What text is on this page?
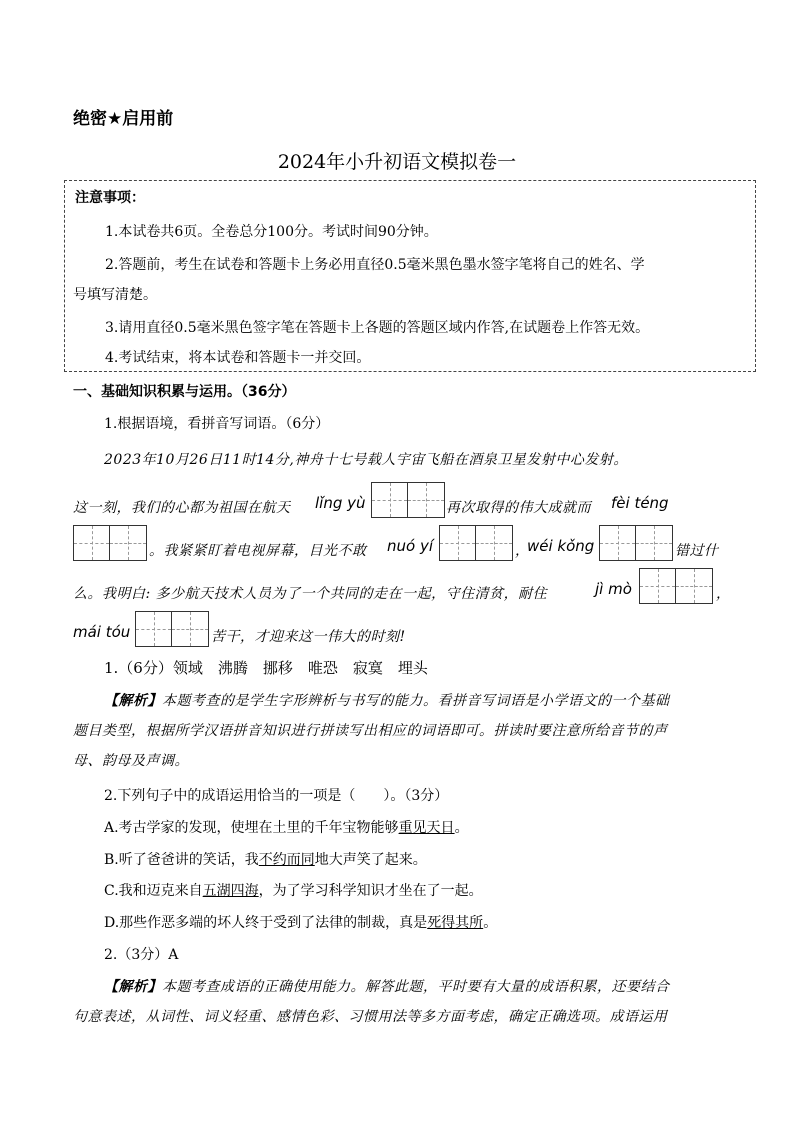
绝密★启用前
2024年小升初语文模拟卷一
注意事项：
1.本试卷共6页。全卷总分100分。考试时间90分钟。
2.答题前，考生在试卷和答题卡上务必用直径0.5毫米黑色墨水签字笔将自己的姓名、学
号填写清楚。
3.请用直径0.5毫米黑色签字笔在答题卡上各题的答题区域内作答,在试题卷上作答无效。
4.考试结束，将本试卷和答题卡一并交回。
一、基础知识积累与运用。（36分）
1.根据语境，看拼音写词语。（6分）
2023年10月26日11时14分,神舟十七号载人宇宙飞船在酒泉卫星发射中心发射。
这一刻，我们的心都为祖国在航天 lǐng yù	再次取得的伟大成就而 fèi téng
。我紧紧盯着电视屏幕，目光不敢 nuó yí	，
wéi kǒng	错过什
么。我明白: 多少航天技术人员为了一个共同的走在一起，守住清贫，耐住	jì mò	，
mái tóu	苦干，才迎来这一伟大的时刻!
1.（6分）领域　沸腾　挪移　唯恐　寂寞　埋头
【解析】本题考查的是学生字形辨析与书写的能力。看拼音写词语是小学语文的一个基础
题目类型，根据所学汉语拼音知识进行拼读写出相应的词语即可。拼读时要注意所给音节的声
母、韵母及声调。
2.下列句子中的成语运用恰当的一项是（　　）。（3分）
A.考古学家的发现，使埋在土里的千年宝物能够重见天日。
B.听了爸爸讲的笑话，我不约而同地大声笑了起来。
C.我和迈克来自五湖四海，为了学习科学知识才坐在了一起。
D.那些作恶多端的坏人终于受到了法律的制裁，真是死得其所。
2.（3分）A
【解析】本题考查成语的正确使用能力。解答此题，平时要有大量的成语积累，还要结合
句意表述，从词性、词义轻重、感情色彩、习惯用法等多方面考虑，确定正确选项。成语运用
